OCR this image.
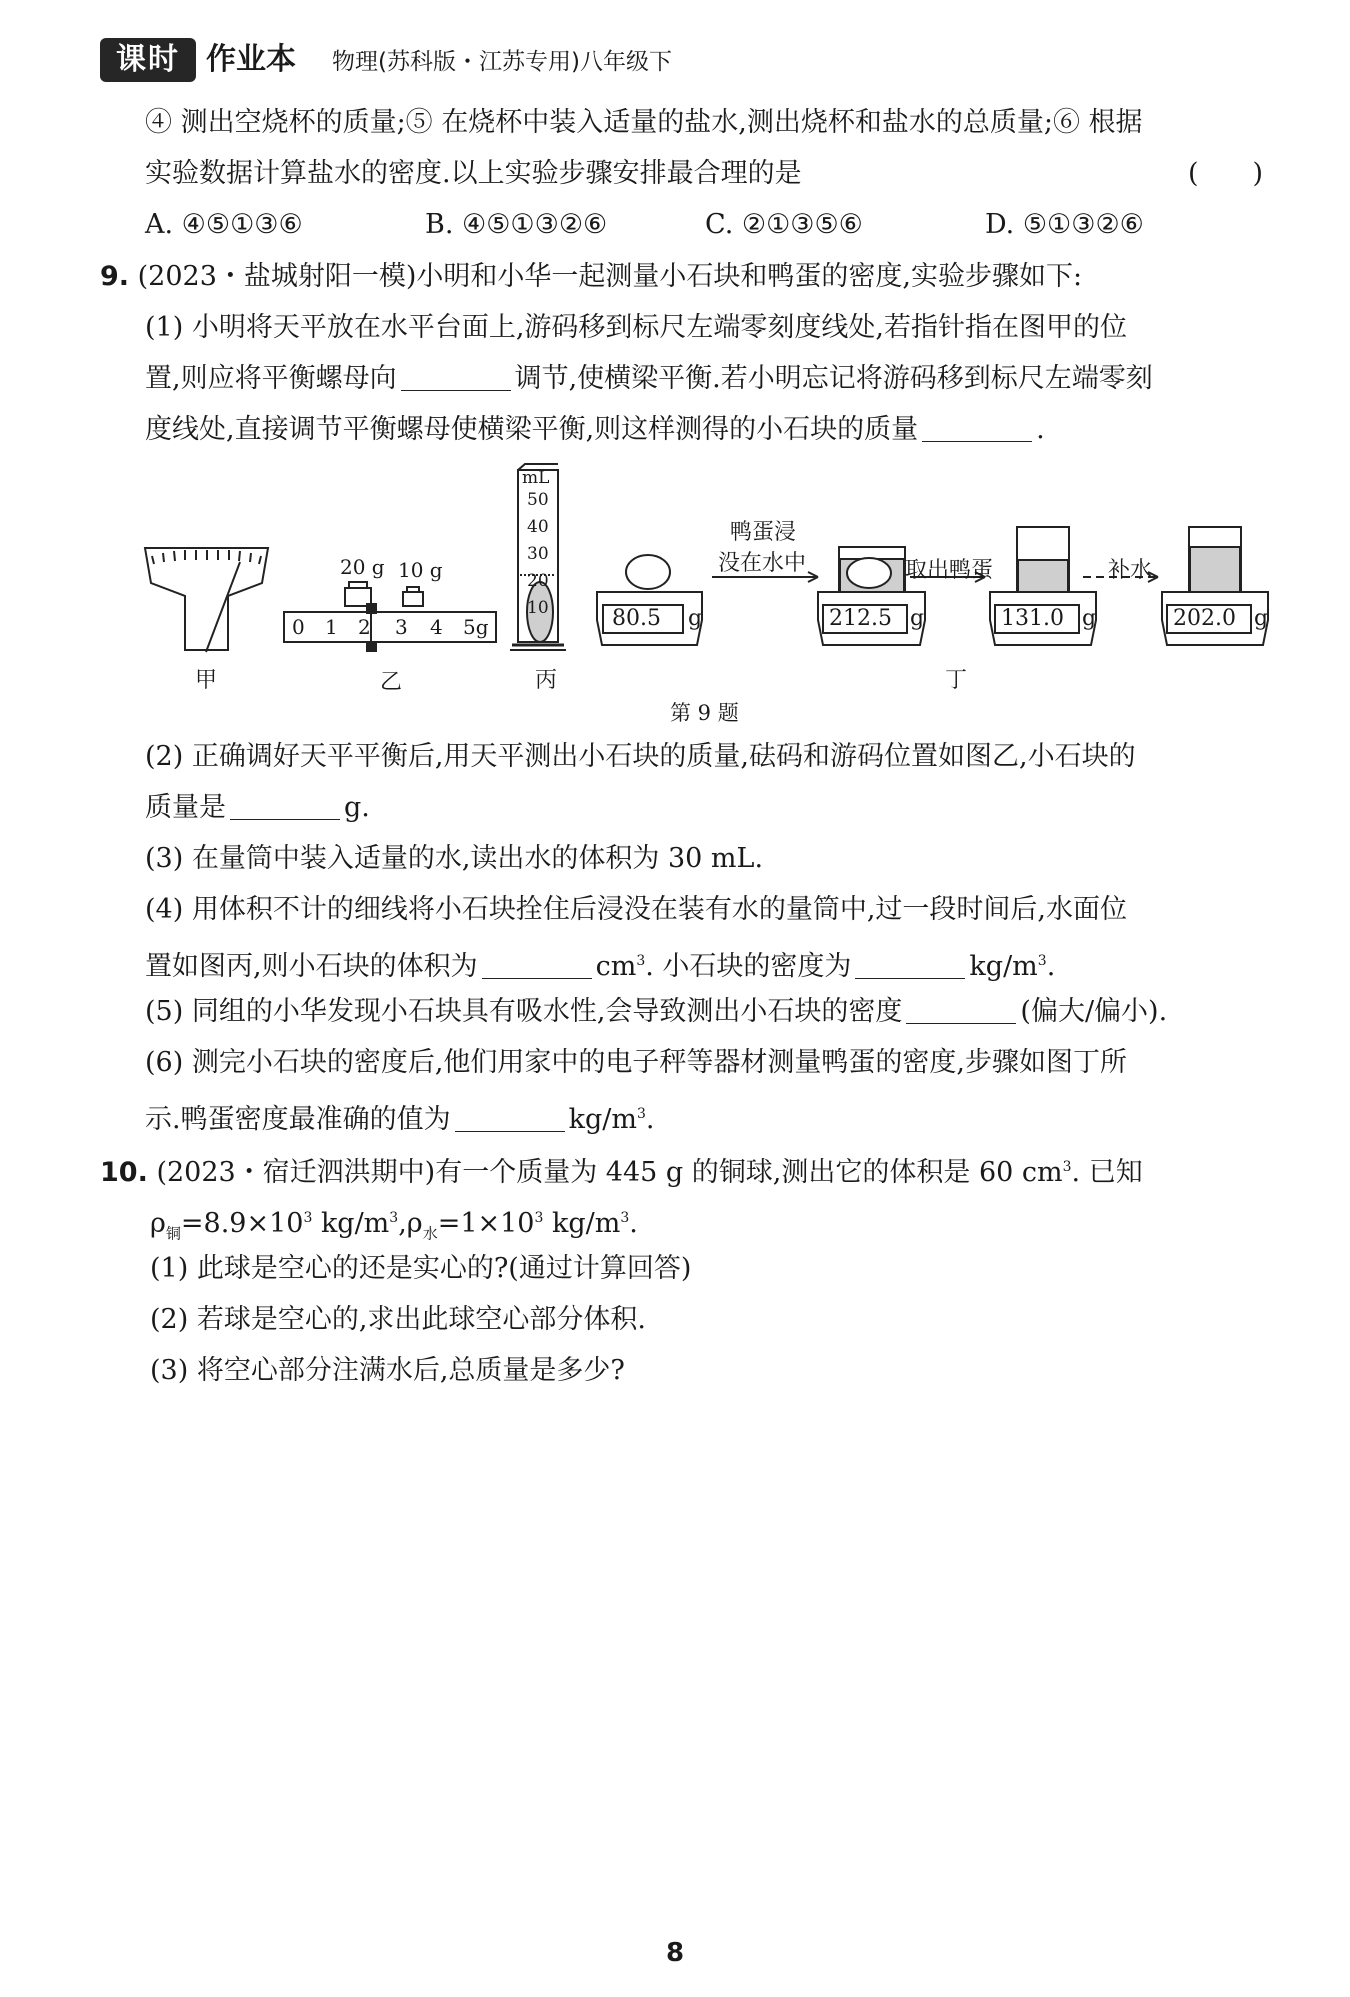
课时 作业本 物理(苏科版・江苏专用)八年级下
④ 测出空烧杯的质量;⑤ 在烧杯中装入适量的盐水,测出烧杯和盐水的总质量;⑥ 根据
实验数据计算盐水的密度.以上实验步骤安排最合理的是	(　　)
A. ④⑤①③⑥	B. ④⑤①③②⑥	C. ②①③⑤⑥	D. ⑤①③②⑥
9. (2023・盐城射阳一模)小明和小华一起测量小石块和鸭蛋的密度,实验步骤如下:
(1) 小明将天平放在水平台面上,游码移到标尺左端零刻度线处,若指针指在图甲的位
置,则应将平衡螺母向	调节,使横梁平衡.若小明忘记将游码移到标尺左端零刻
度线处,直接调节平衡螺母使横梁平衡,则这样测得的小石块的质量	.
甲	乙	丙	丁
第 9 题
20 g 10 g
0 1 2 3 4 5g
mL
50
40
30
20
10
鸭蛋浸
没在水中	取出鸭蛋	补水
80.5 g	212.5 g	131.0 g	202.0 g
(2) 正确调好天平平衡后,用天平测出小石块的质量,砝码和游码位置如图乙,小石块的
质量是	g.
(3) 在量筒中装入适量的水,读出水的体积为 30 mL.
(4) 用体积不计的细线将小石块拴住后浸没在装有水的量筒中,过一段时间后,水面位
置如图丙,则小石块的体积为	$cm^3$. 小石块的密度为	$kg/m^3$.
(5) 同组的小华发现小石块具有吸水性,会导致测出小石块的密度	(偏大/偏小).
(6) 测完小石块的密度后,他们用家中的电子秤等器材测量鸭蛋的密度,步骤如图丁所
示.鸭蛋密度最准确的值为	$kg/m^3$.
10. (2023・宿迁泗洪期中)有一个质量为 445 g 的铜球,测出它的体积是 60 $cm^3$. 已知
$\rho_铜=8.9\times 10^3$ $kg/m^3,\rho_水=1\times 10^3$ $kg/m^3$.
(1) 此球是空心的还是实心的?(通过计算回答)
(2) 若球是空心的,求出此球空心部分体积.
(3) 将空心部分注满水后,总质量是多少?
8
